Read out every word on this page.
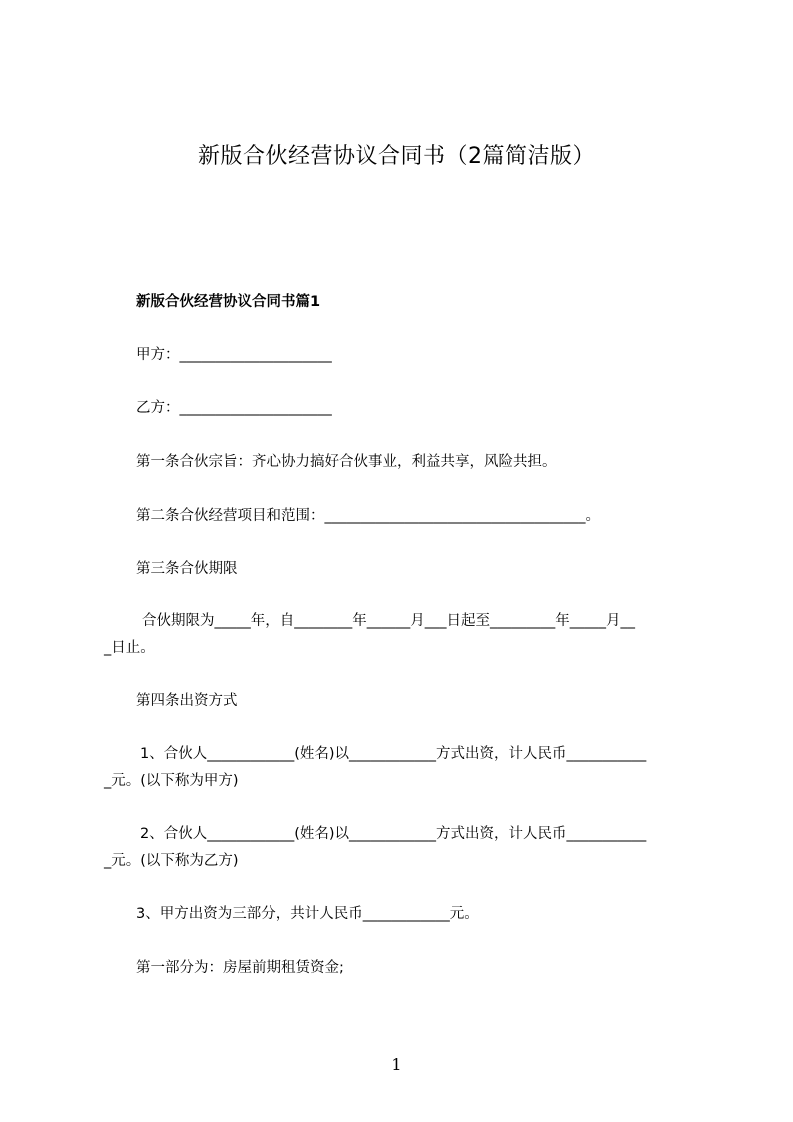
新版合伙经营协议合同书（2篇简洁版）
新版合伙经营协议合同书篇1
甲方：_____________________
乙方：_____________________
第一条合伙宗旨：齐心协力搞好合伙事业，利益共享，风险共担。
第二条合伙经营项目和范围：____________________________________。
第三条合伙期限
合伙期限为_____年，自________年______月___日起至_________年_____月__
_日止。
第四条出资方式
1、合伙人____________(姓名)以____________方式出资，计人民币___________
_元。(以下称为甲方)
2、合伙人____________(姓名)以____________方式出资，计人民币___________
_元。(以下称为乙方)
3、甲方出资为三部分，共计人民币____________元。
第一部分为：房屋前期租赁资金;
1
